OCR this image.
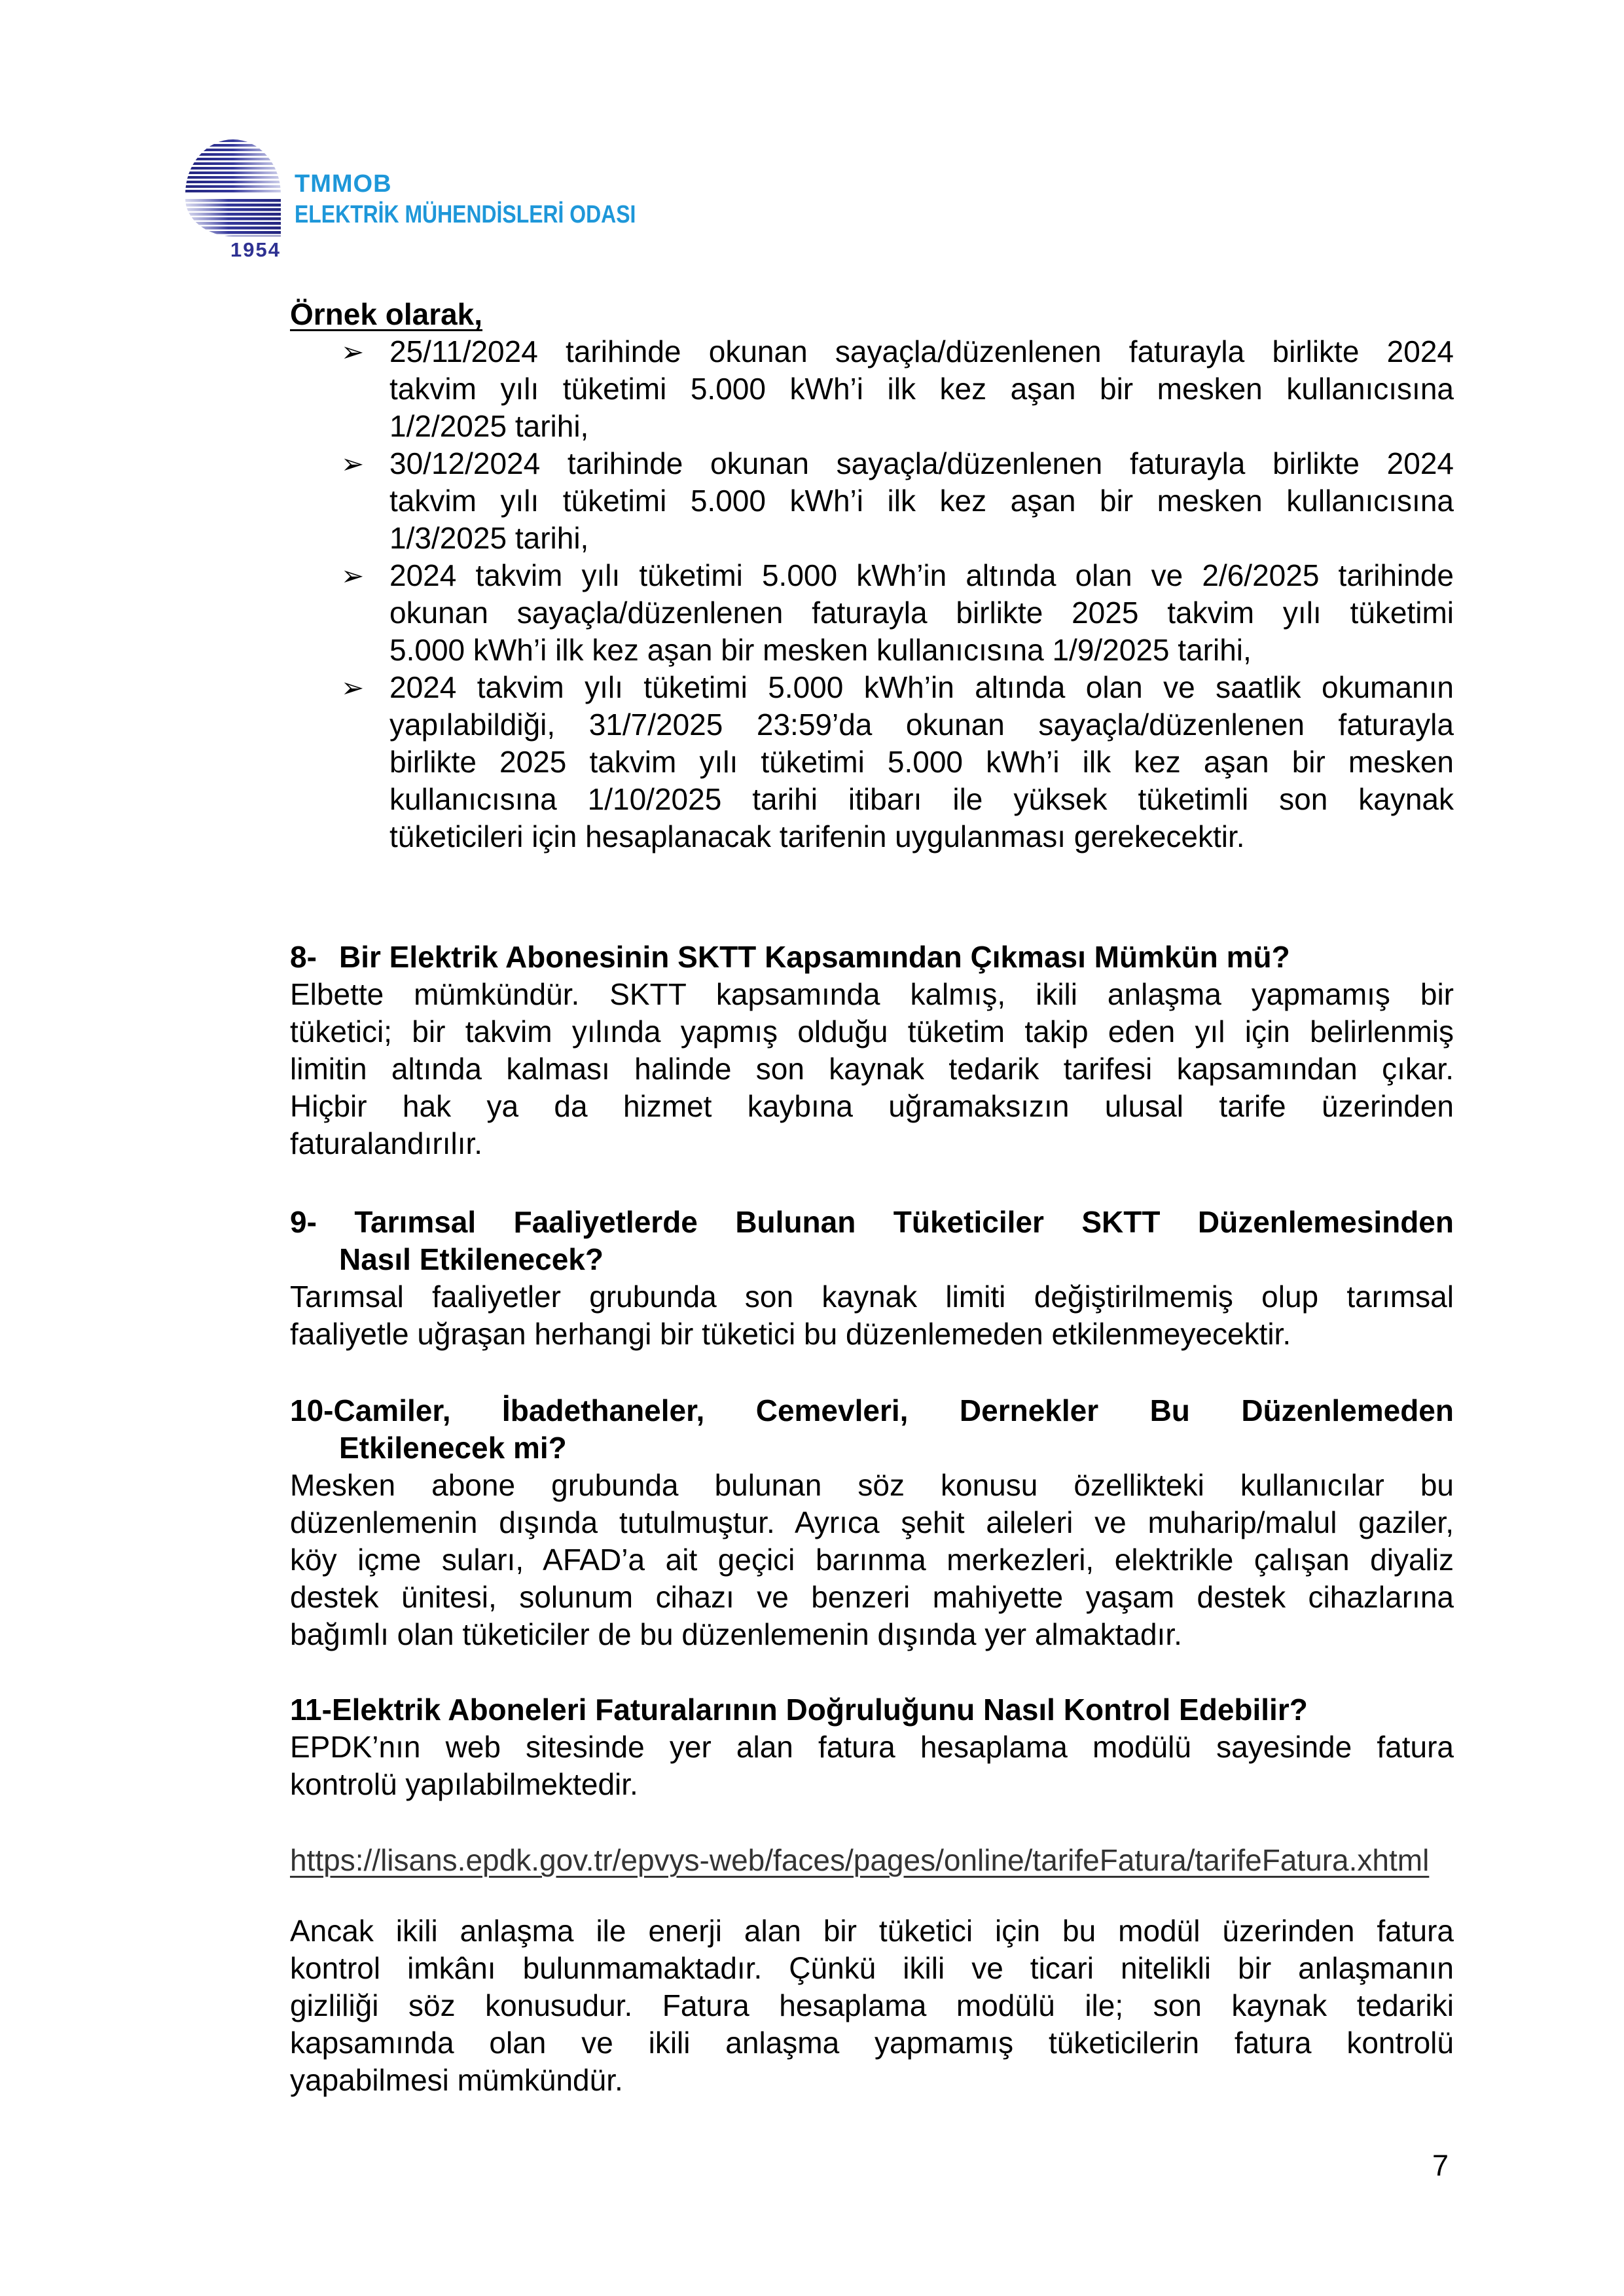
1954
TMMOB
ELEKTRİK MÜHENDİSLERİ ODASI
Örnek olarak,
➢ 25/11/2024 tarihinde okunan sayaçla/düzenlenen faturayla birlikte 2024
takvim yılı tüketimi 5.000 kWh’i ilk kez aşan bir mesken kullanıcısına
1/2/2025 tarihi,
➢ 30/12/2024 tarihinde okunan sayaçla/düzenlenen faturayla birlikte 2024
takvim yılı tüketimi 5.000 kWh’i ilk kez aşan bir mesken kullanıcısına
1/3/2025 tarihi,
➢ 2024 takvim yılı tüketimi 5.000 kWh’in altında olan ve 2/6/2025 tarihinde
okunan sayaçla/düzenlenen faturayla birlikte 2025 takvim yılı tüketimi
5.000 kWh’i ilk kez aşan bir mesken kullanıcısına 1/9/2025 tarihi,
➢ 2024 takvim yılı tüketimi 5.000 kWh’in altında olan ve saatlik okumanın
yapılabildiği, 31/7/2025 23:59’da okunan sayaçla/düzenlenen faturayla
birlikte 2025 takvim yılı tüketimi 5.000 kWh’i ilk kez aşan bir mesken
kullanıcısına 1/10/2025 tarihi itibarı ile yüksek tüketimli son kaynak
tüketicileri için hesaplanacak tarifenin uygulanması gerekecektir.
8- Bir Elektrik Abonesinin SKTT Kapsamından Çıkması Mümkün mü?
Elbette mümkündür. SKTT kapsamında kalmış, ikili anlaşma yapmamış bir
tüketici; bir takvim yılında yapmış olduğu tüketim takip eden yıl için belirlenmiş
limitin altında kalması halinde son kaynak tedarik tarifesi kapsamından çıkar.
Hiçbir hak ya da hizmet kaybına uğramaksızın ulusal tarife üzerinden
faturalandırılır.
9- Tarımsal Faaliyetlerde Bulunan Tüketiciler SKTT Düzenlemesinden
Nasıl Etkilenecek?
Tarımsal faaliyetler grubunda son kaynak limiti değiştirilmemiş olup tarımsal
faaliyetle uğraşan herhangi bir tüketici bu düzenlemeden etkilenmeyecektir.
10-Camiler, İbadethaneler, Cemevleri, Dernekler Bu Düzenlemeden
Etkilenecek mi?
Mesken abone grubunda bulunan söz konusu özellikteki kullanıcılar bu
düzenlemenin dışında tutulmuştur. Ayrıca şehit aileleri ve muharip/malul gaziler,
köy içme suları, AFAD’a ait geçici barınma merkezleri, elektrikle çalışan diyaliz
destek ünitesi, solunum cihazı ve benzeri mahiyette yaşam destek cihazlarına
bağımlı olan tüketiciler de bu düzenlemenin dışında yer almaktadır.
11-Elektrik Aboneleri Faturalarının Doğruluğunu Nasıl Kontrol Edebilir?
EPDK’nın web sitesinde yer alan fatura hesaplama modülü sayesinde fatura
kontrolü yapılabilmektedir.
https://lisans.epdk.gov.tr/epvys-web/faces/pages/online/tarifeFatura/tarifeFatura.xhtml
Ancak ikili anlaşma ile enerji alan bir tüketici için bu modül üzerinden fatura
kontrol imkânı bulunmamaktadır. Çünkü ikili ve ticari nitelikli bir anlaşmanın
gizliliği söz konusudur. Fatura hesaplama modülü ile; son kaynak tedariki
kapsamında olan ve ikili anlaşma yapmamış tüketicilerin fatura kontrolü
yapabilmesi mümkündür.
7
